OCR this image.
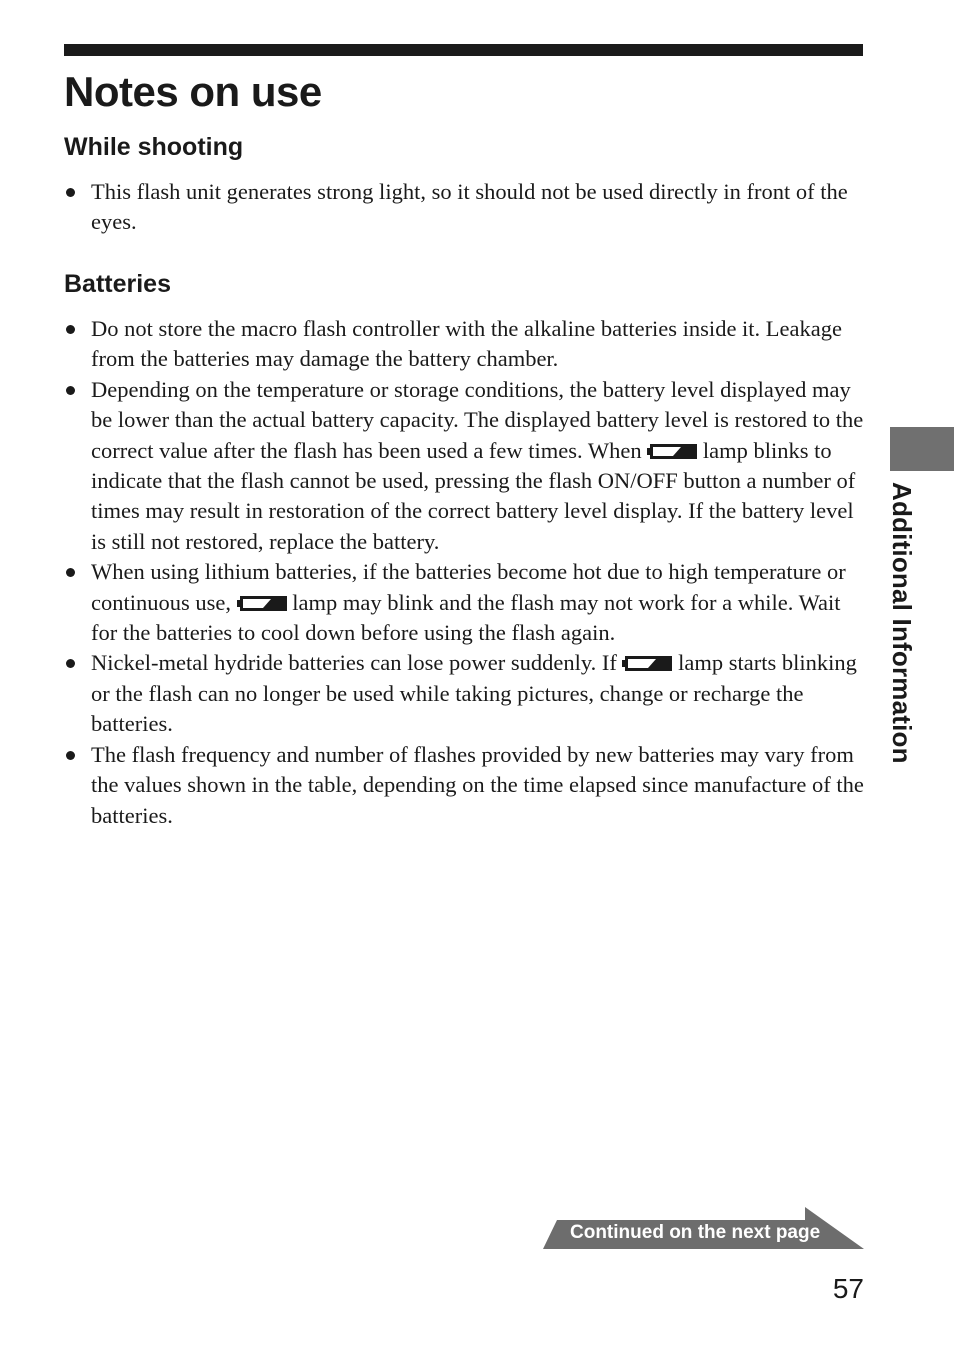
Notes on use
While shooting
This flash unit generates strong light, so it should not be used directly in front of the eyes.
Batteries
Do not store the macro flash controller with the alkaline batteries inside it. Leakage from the batteries may damage the battery chamber.
Depending on the temperature or storage conditions, the battery level displayed may be lower than the actual battery capacity. The displayed battery level is restored to the correct value after the flash has been used a few times. When
lamp blinks to indicate that the flash cannot be used, pressing the flash ON/OFF button a number of times may result in restoration of the correct battery level display. If the battery level is still not restored, replace the battery.
When using lithium batteries, if the batteries become hot due to high temperature or continuous use,
lamp may blink and the flash may not work for a while. Wait for the batteries to cool down before using the flash again.
Nickel-metal hydride batteries can lose power suddenly. If
lamp starts blinking or the flash can no longer be used while taking pictures, change or recharge the batteries.
The flash frequency and number of flashes provided by new batteries may vary from the values shown in the table, depending on the time elapsed since manufacture of the batteries.
Additional Information
Continued on the next page
57
